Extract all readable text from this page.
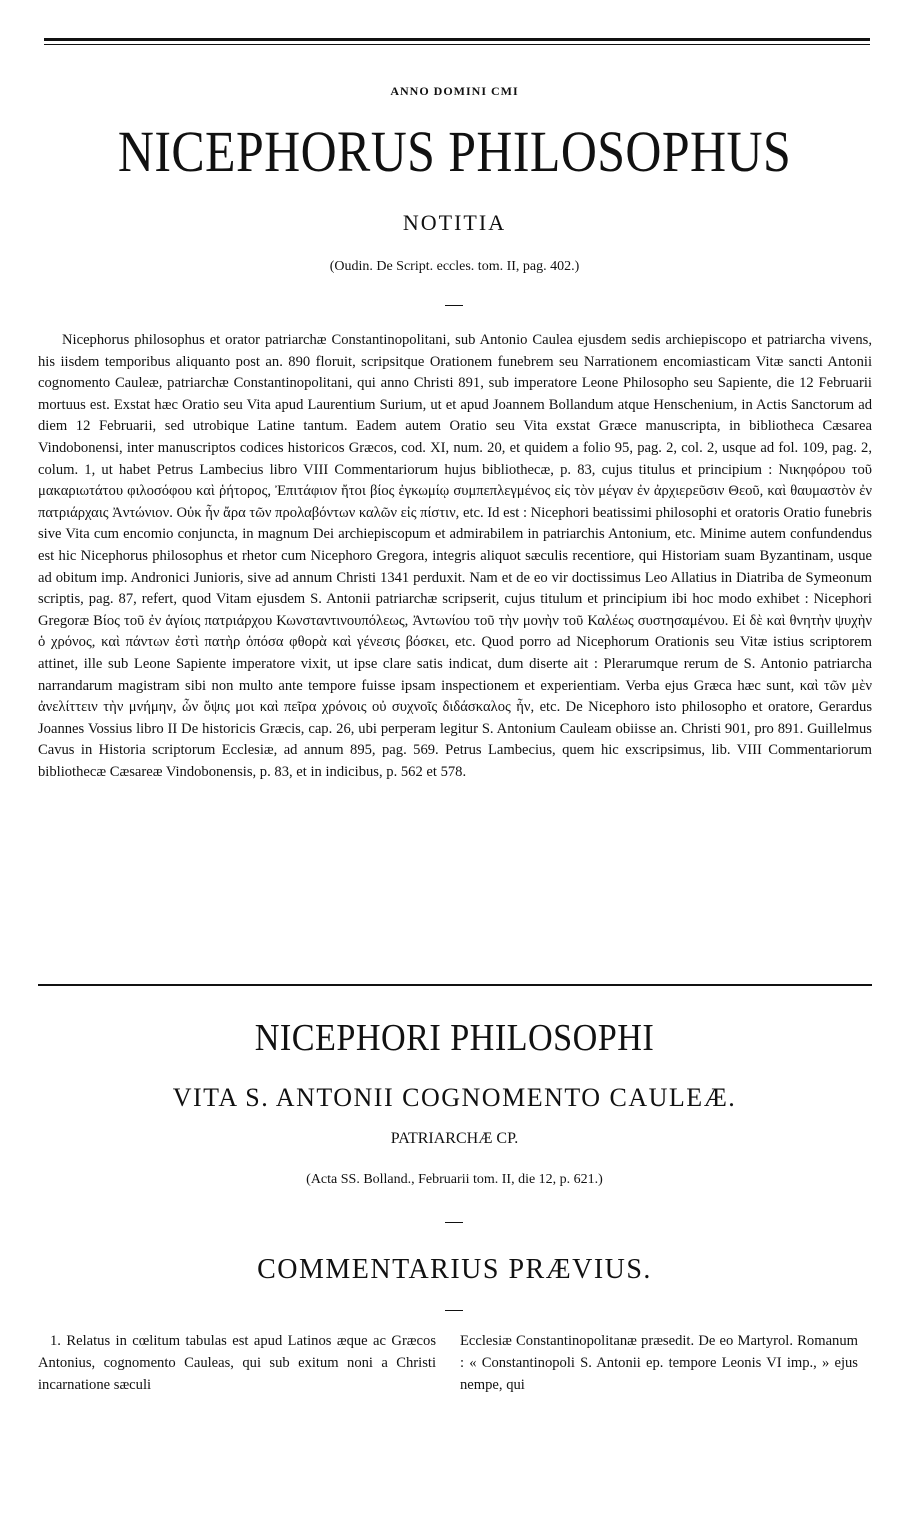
ANNO DOMINI CMI
NICEPHORUS PHILOSOPHUS
NOTITIA
(Oudin. De Script. eccles. tom. II, pag. 402.)
Nicephorus philosophus et orator patriarchæ Constantinopolitani, sub Antonio Caulea ejusdem sedis archiepiscopo et patriarcha vivens, his iisdem temporibus aliquanto post an. 890 floruit, scripsitque Orationem funebrem seu Narrationem encomiasticam Vitæ sancti Antonii cognomento Cauleæ, patriarchæ Constantinopolitani, qui anno Christi 891, sub imperatore Leone Philosopho seu Sapiente, die 12 Februarii mortuus est. Exstat hæc Oratio seu Vita apud Laurentium Surium, ut et apud Joannem Bollandum atque Henschenium, in Actis Sanctorum ad diem 12 Februarii, sed utrobique Latine tantum. Eadem autem Oratio seu Vita exstat Græce manuscripta, in bibliotheca Cæsarea Vindobonensi, inter manuscriptos codices historicos Græcos, cod. XI, num. 20, et quidem a folio 95, pag. 2, col. 2, usque ad fol. 109, pag. 2, colum. 1, ut habet Petrus Lambecius libro VIII Commentariorum hujus bibliothecæ, p. 83, cujus titulus et principium : Νικηφόρου τοῦ μακαριωτάτου φιλοσόφου καὶ ῥήτορος, Ἐπιτάφιον ἤτοι βίος ἐγκωμίῳ συμπεπλεγμένος εἰς τὸν μέγαν ἐν ἀρχιερεῦσιν Θεοῦ, καὶ θαυμαστὸν ἐν πατριάρχαις Ἀντώνιον. Οὐκ ἦν ἄρα τῶν προλαβόντων καλῶν εἰς πίστιν, etc. Id est : Nicephori beatissimi philosophi et oratoris Oratio funebris sive Vita cum encomio conjuncta, in magnum Dei archiepiscopum et admirabilem in patriarchis Antonium, etc. Minime autem confundendus est hic Nicephorus philosophus et rhetor cum Nicephoro Gregora, integris aliquot sæculis recentiore, qui Historiam suam Byzantinam, usque ad obitum imp. Andronici Junioris, sive ad annum Christi 1341 perduxit. Nam et de eo vir doctissimus Leo Allatius in Diatriba de Symeonum scriptis, pag. 87, refert, quod Vitam ejusdem S. Antonii patriarchæ scripserit, cujus titulum et principium ibi hoc modo exhibet : Nicephori Gregoræ Βίος τοῦ ἐν ἁγίοις πατριάρχου Κωνσταντινουπόλεως, Ἀντωνίου τοῦ τὴν μονὴν τοῦ Καλέως συστησαμένου. Εἰ δὲ καὶ θνητὴν ψυχὴν ὁ χρόνος, καὶ πάντων ἐστὶ πατὴρ ὁπόσα φθορὰ καὶ γένεσις βόσκει, etc. Quod porro ad Nicephorum Orationis seu Vitæ istius scriptorem attinet, ille sub Leone Sapiente imperatore vixit, ut ipse clare satis indicat, dum diserte ait : Plerarumque rerum de S. Antonio patriarcha narrandarum magistram sibi non multo ante tempore fuisse ipsam inspectionem et experientiam. Verba ejus Græca hæc sunt, καὶ τῶν μὲν ἀνελίττειν τὴν μνήμην, ὧν ὄψις μοι καὶ πεῖρα χρόνοις οὐ συχνοῖς διδάσκαλος ἦν, etc. De Nicephoro isto philosopho et oratore, Gerardus Joannes Vossius libro II De historicis Græcis, cap. 26, ubi perperam legitur S. Antonium Cauleam obiisse an. Christi 901, pro 891. Guillelmus Cavus in Historia scriptorum Ecclesiæ, ad annum 895, pag. 569. Petrus Lambecius, quem hic exscripsimus, lib. VIII Commentariorum bibliothecæ Cæsareæ Vindobonensis, p. 83, et in indicibus, p. 562 et 578.
NICEPHORI PHILOSOPHI
VITA S. ANTONII COGNOMENTO CAULEÆ.
PATRIARCHÆ CP.
(Acta SS. Bolland., Februarii tom. II, die 12, p. 621.)
COMMENTARIUS PRÆVIUS.
1. Relatus in cœlitum tabulas est apud Latinos æque ac Græcos Antonius, cognomento Cauleas, qui sub exitum noni a Christi incarnatione sæculi
Ecclesiæ Constantinopolitanæ præsedit. De eo Martyrol. Romanum : « Constantinopoli S. Antonii ep. tempore Leonis VI imp., » ejus nempe, qui
